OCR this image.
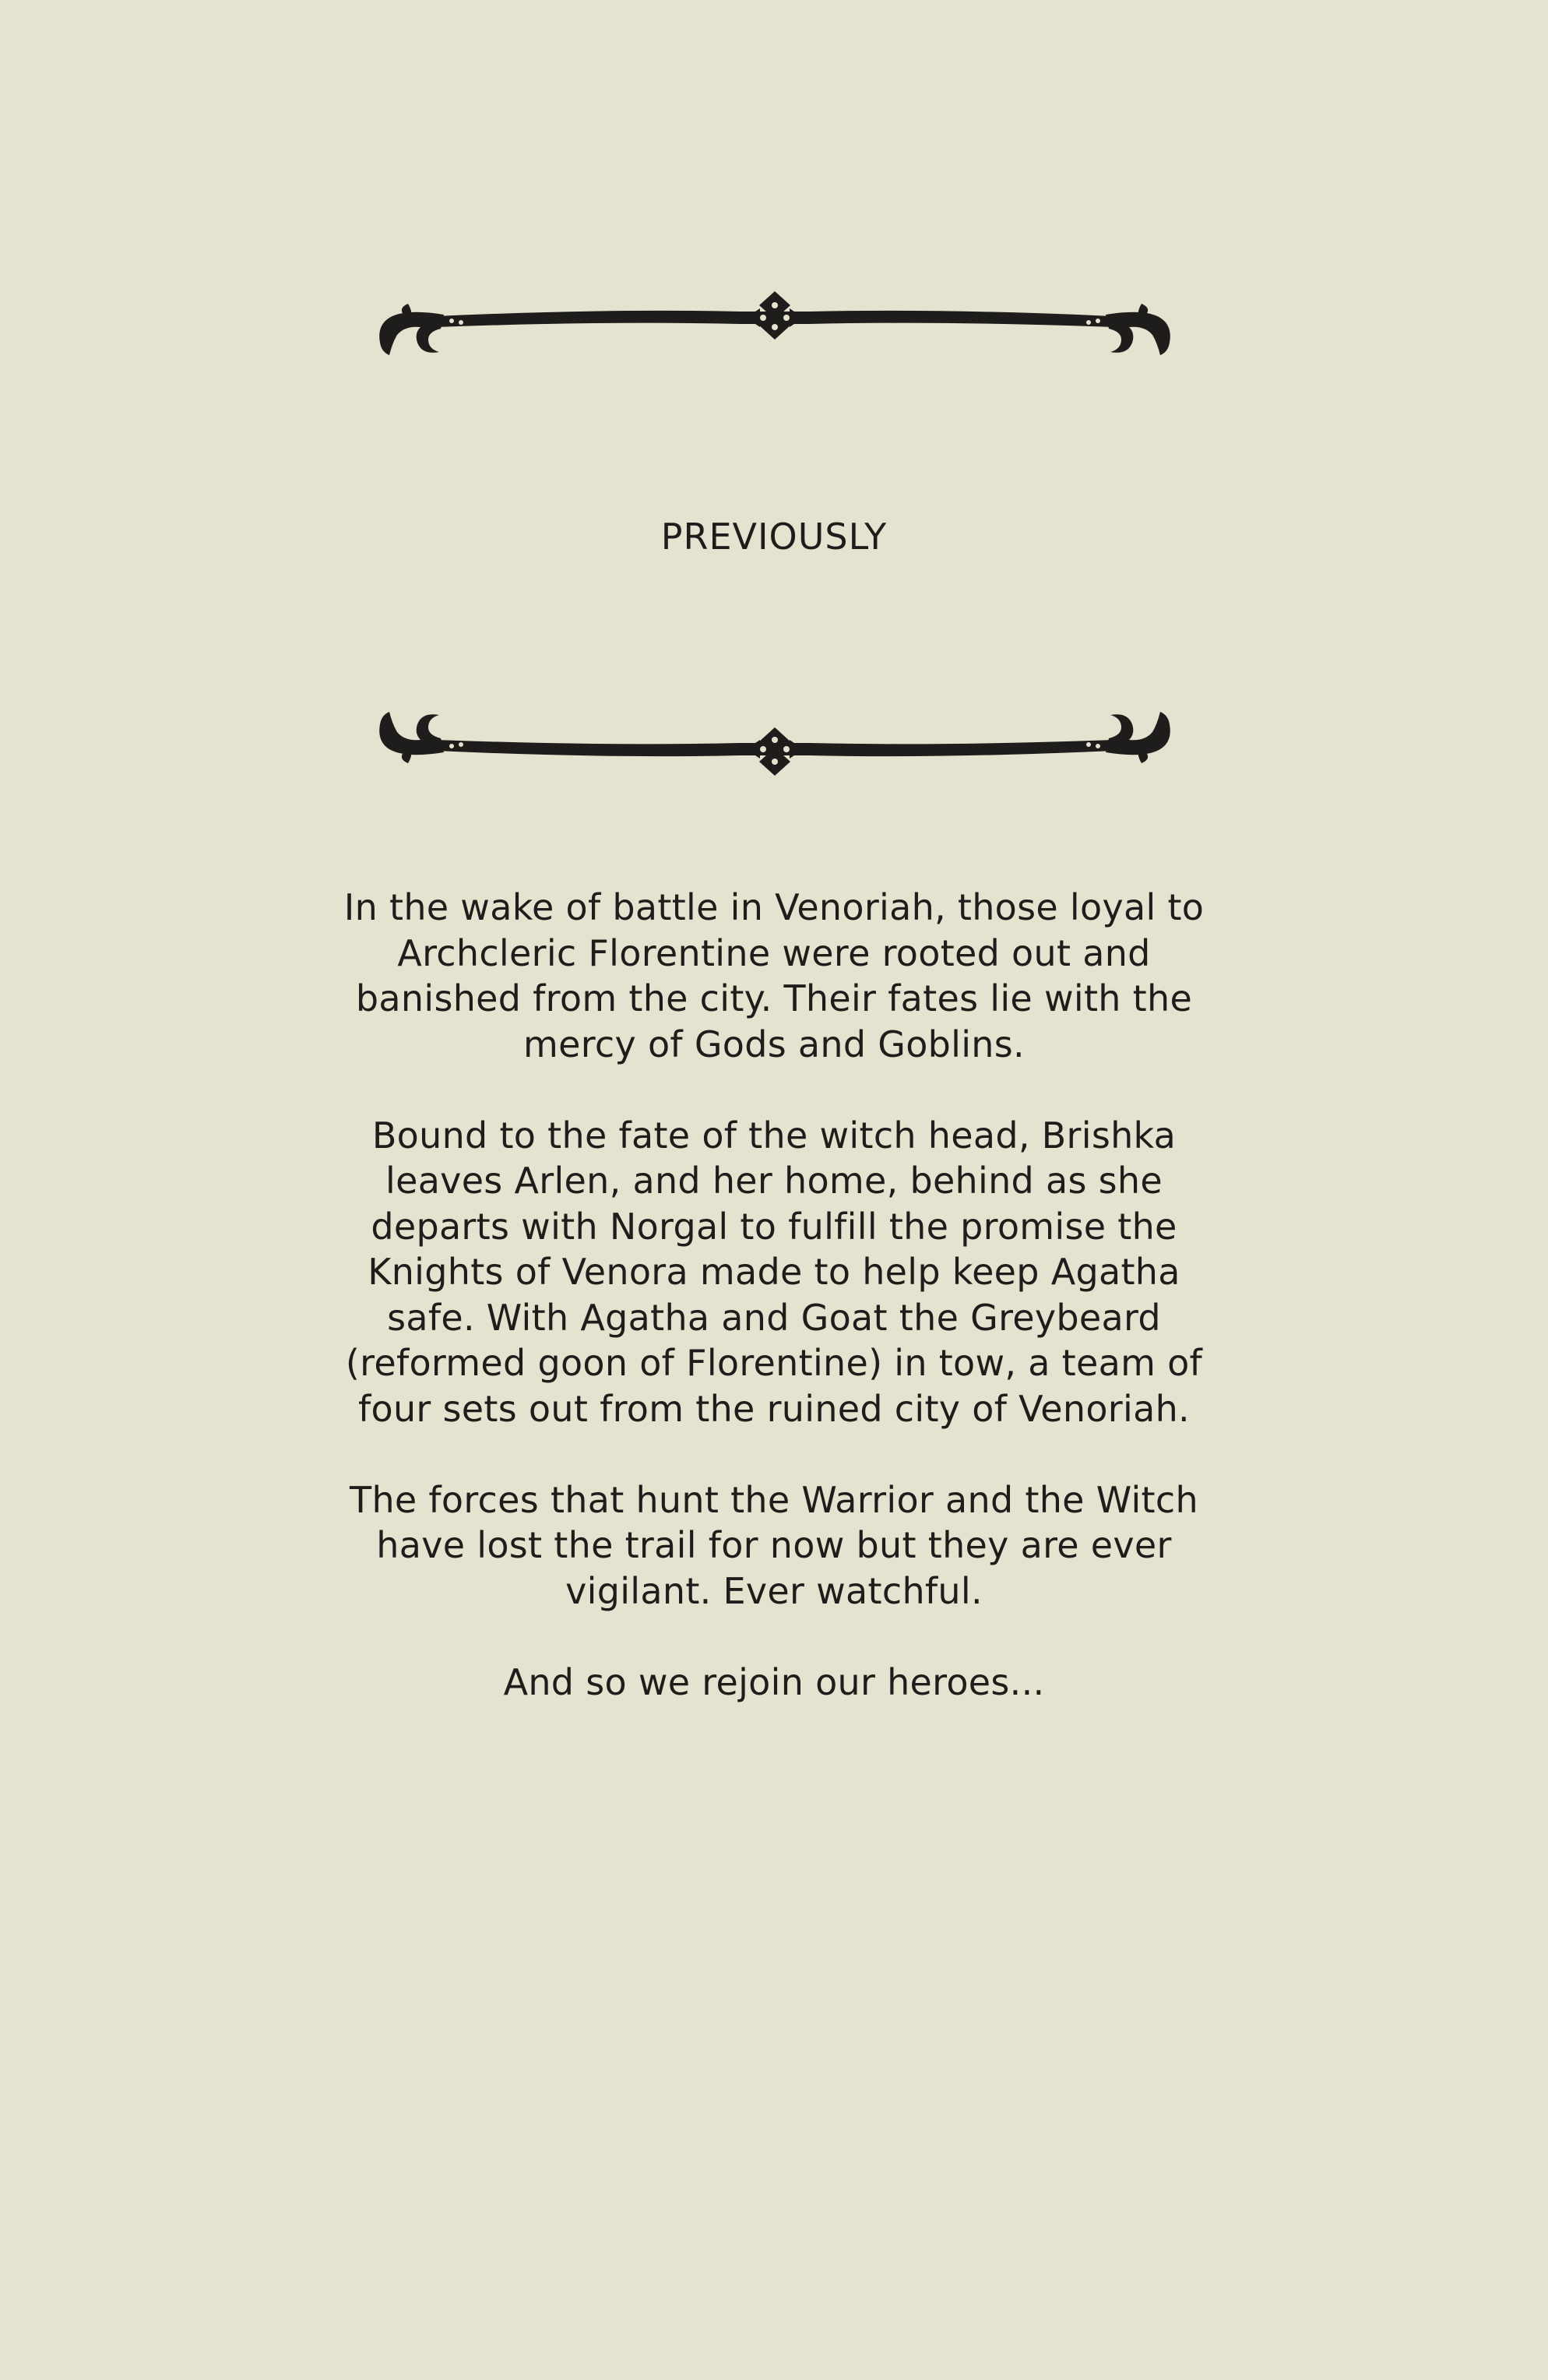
PREVIOUSLY

In the wake of battle in Venoriah, those loyal to Archcleric Florentine were rooted out and banished from the city. Their fates lie with the mercy of Gods and Goblins.

Bound to the fate of the witch head, Brishka leaves Arlen, and her home, behind as she departs with Norgal to fulfill the promise the Knights of Venora made to help keep Agatha safe. With Agatha and Goat the Greybeard (reformed goon of Florentine) in tow, a team of four sets out from the ruined city of Venoriah.

The forces that hunt the Warrior and the Witch have lost the trail for now but they are ever vigilant. Ever watchful.

And so we rejoin our heroes...
